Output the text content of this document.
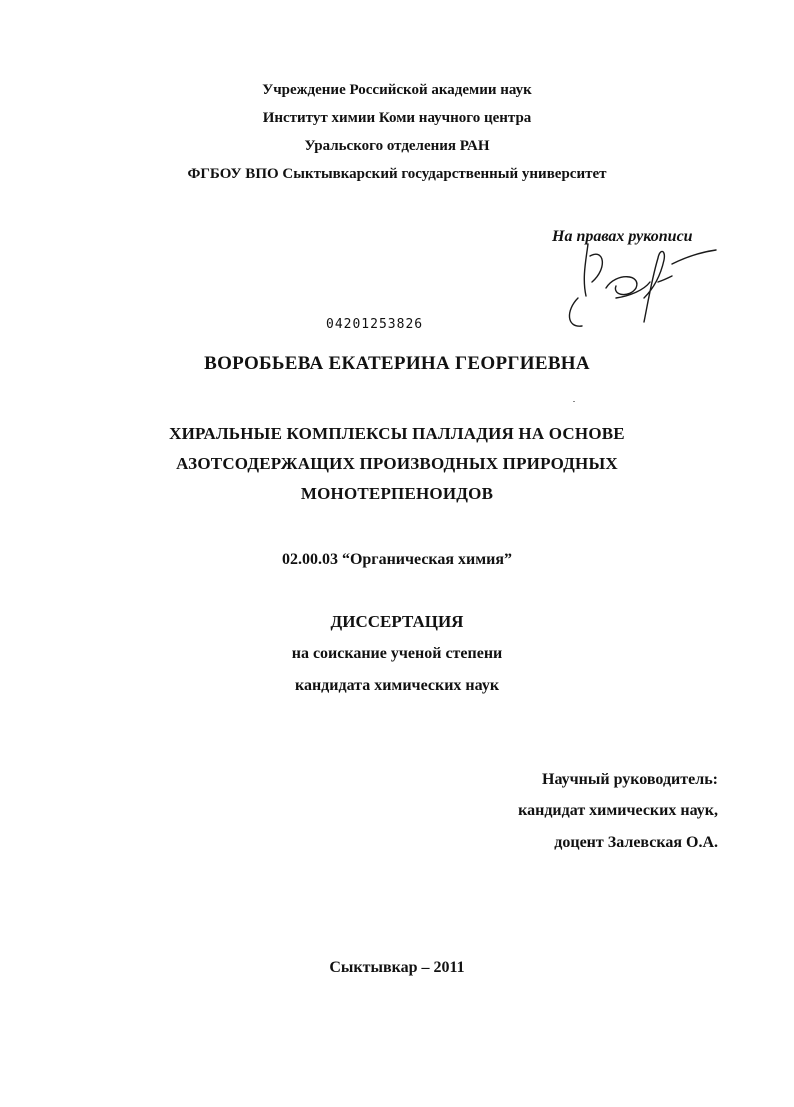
Учреждение Российской академии наук
Институт химии Коми научного центра
Уральского отделения РАН
ФГБОУ ВПО Сыктывкарский государственный университет
На правах рукописи
04201253826
ВОРОБЬЕВА ЕКАТЕРИНА ГЕОРГИЕВНА
ХИРАЛЬНЫЕ КОМПЛЕКСЫ ПАЛЛАДИЯ НА ОСНОВЕ
АЗОТСОДЕРЖАЩИХ ПРОИЗВОДНЫХ ПРИРОДНЫХ
МОНОТЕРПЕНОИДОВ
02.00.03 “Органическая химия”
ДИССЕРТАЦИЯ
на соискание ученой степени
кандидата химических наук
Научный руководитель:
кандидат химических наук,
доцент Залевская О.А.
Сыктывкар – 2011
